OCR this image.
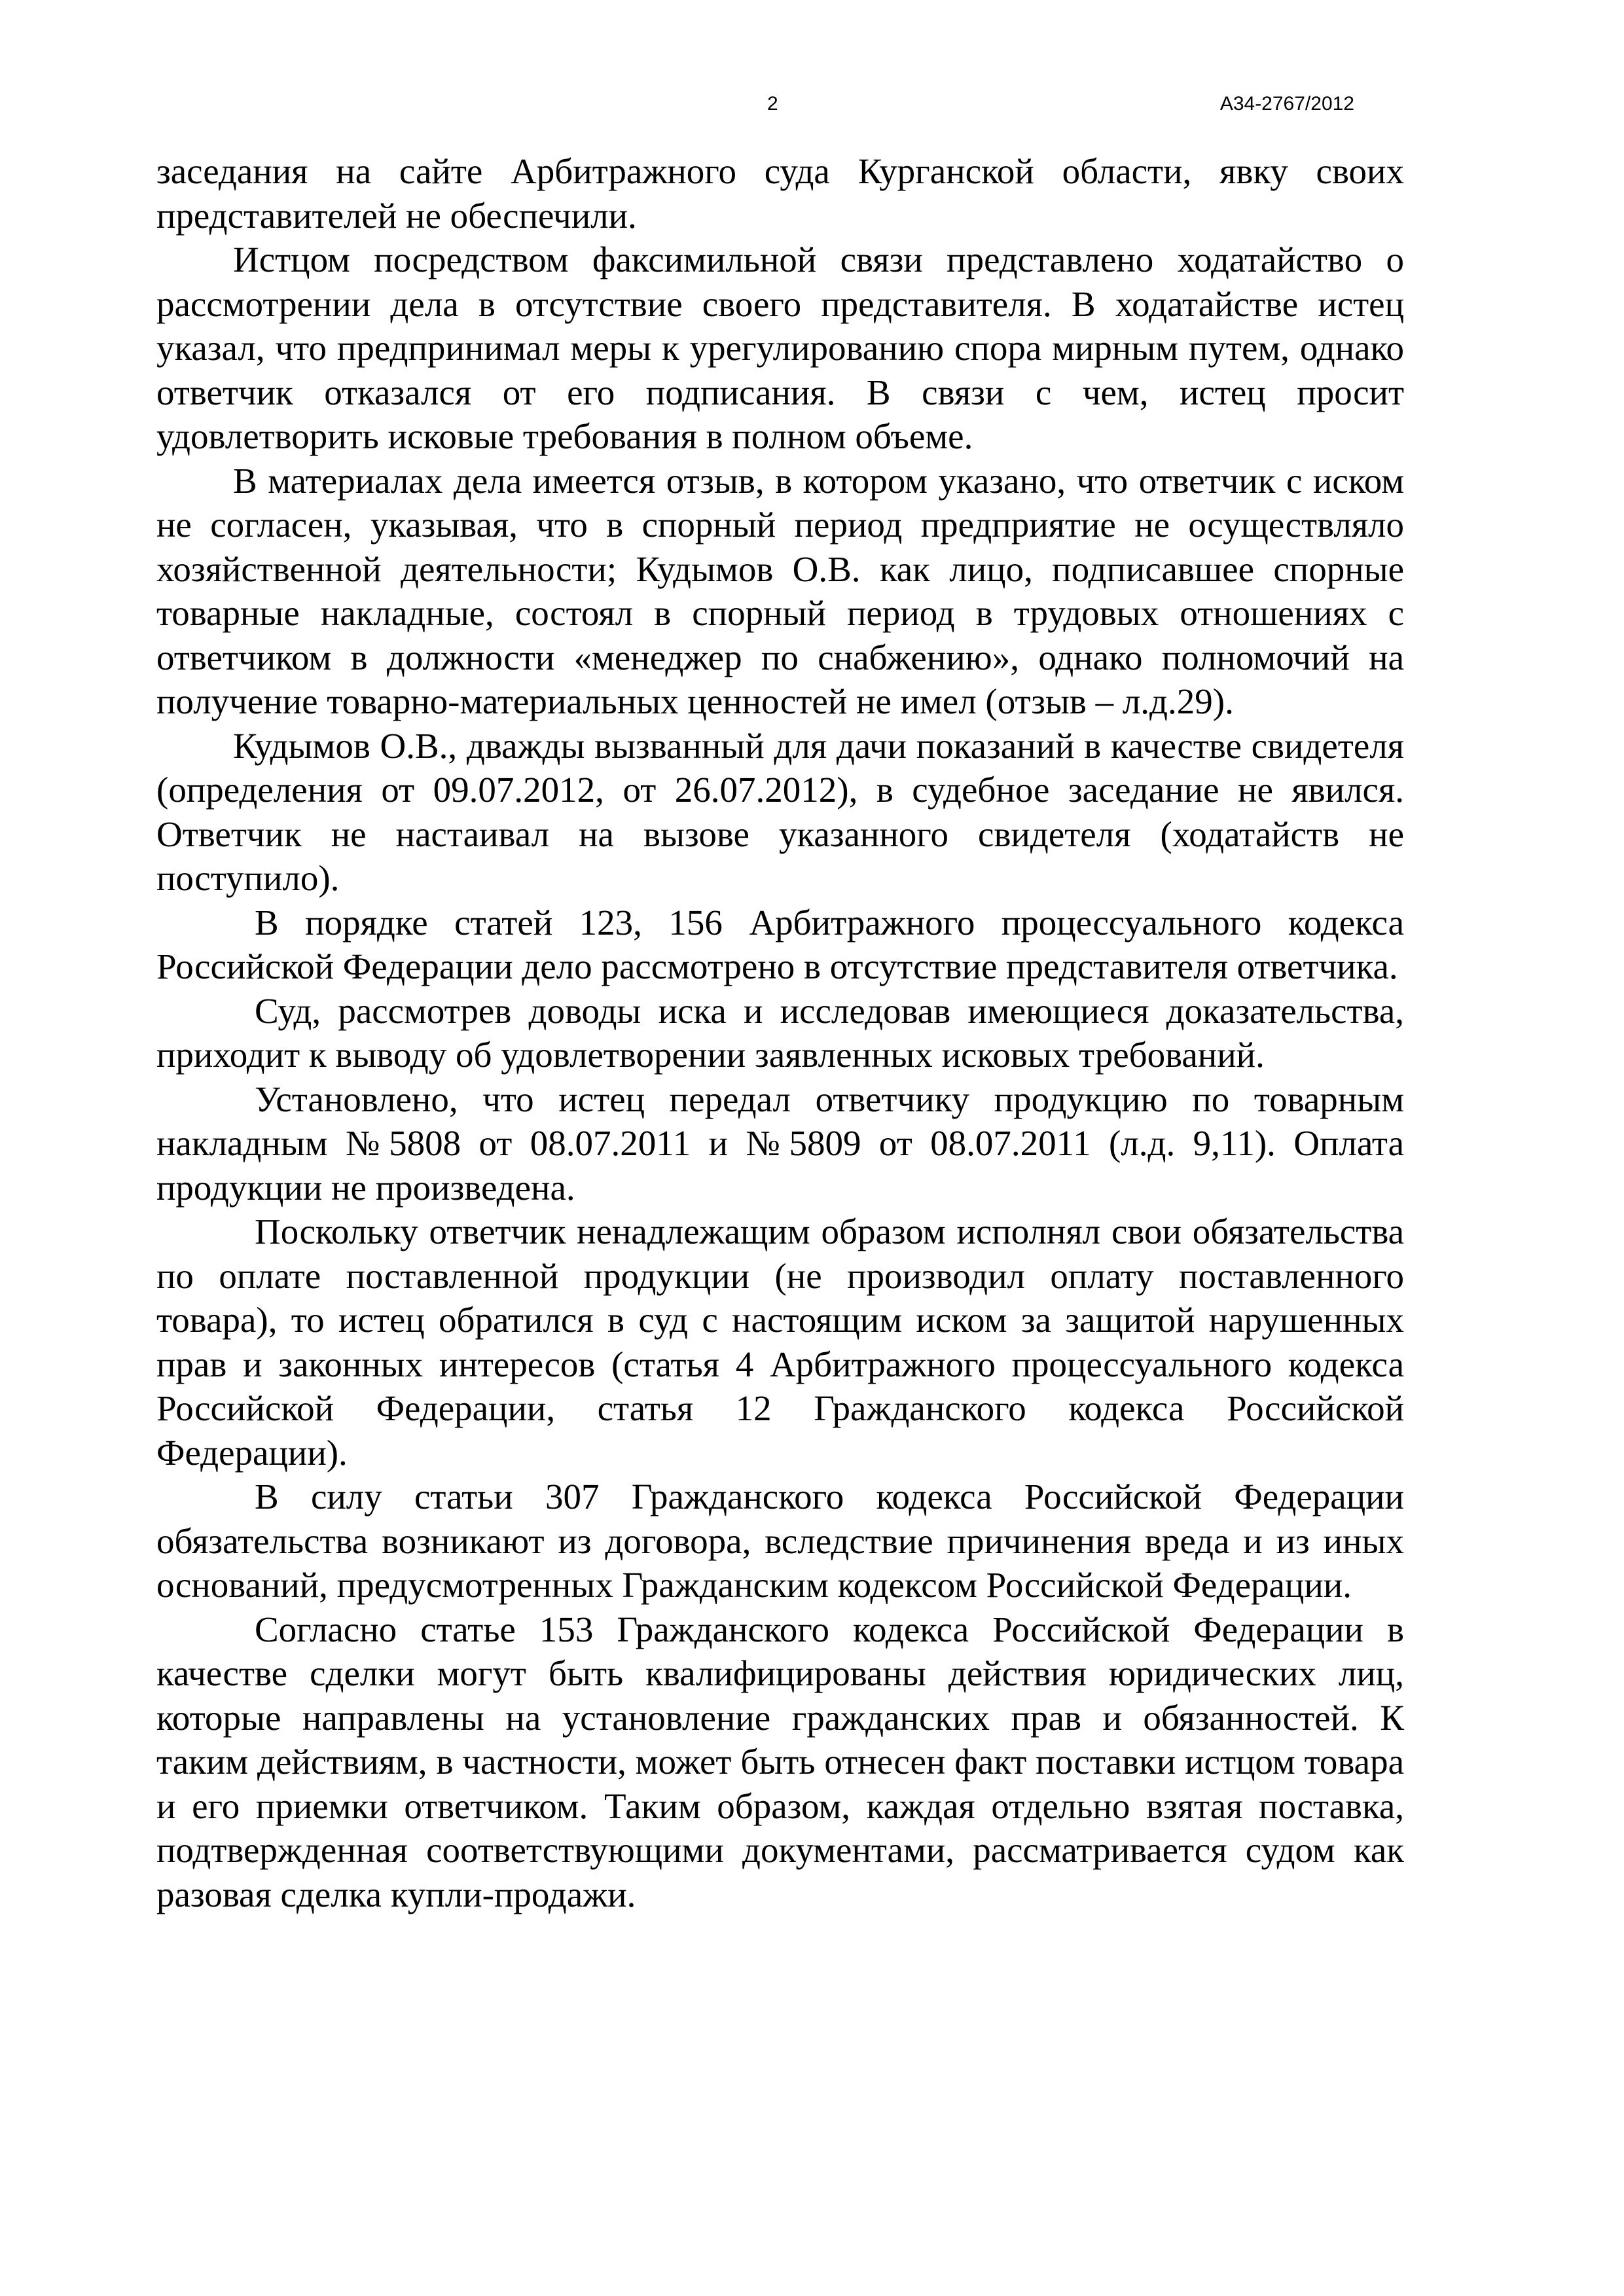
2	А34-2767/2012

заседания на сайте Арбитражного суда Курганской области, явку своих представителей не обеспечили.

Истцом посредством факсимильной связи представлено ходатайство о рассмотрении дела в отсутствие своего представителя. В ходатайстве истец указал, что предпринимал меры к урегулированию спора мирным путем, однако ответчик отказался от его подписания. В связи с чем, истец просит удовлетворить исковые требования в полном объеме.

В материалах дела имеется отзыв, в котором указано, что ответчик с иском не согласен, указывая, что в спорный период предприятие не осуществляло хозяйственной деятельности; Кудымов О.В. как лицо, подписавшее спорные товарные накладные, состоял в спорный период в трудовых отношениях с ответчиком в должности «менеджер по снабжению», однако полномочий на получение товарно-материальных ценностей не имел (отзыв – л.д.29).

Кудымов О.В., дважды вызванный для дачи показаний в качестве свидетеля (определения от 09.07.2012, от 26.07.2012), в судебное заседание не явился. Ответчик не настаивал на вызове указанного свидетеля (ходатайств не поступило).

В порядке статей 123, 156 Арбитражного процессуального кодекса Российской Федерации дело рассмотрено в отсутствие представителя ответчика.

Суд, рассмотрев доводы иска и исследовав имеющиеся доказательства, приходит к выводу об удовлетворении заявленных исковых требований.

Установлено, что истец передал ответчику продукцию по товарным накладным №5808 от 08.07.2011 и №5809 от 08.07.2011 (л.д. 9,11). Оплата продукции не произведена.

Поскольку ответчик ненадлежащим образом исполнял свои обязательства по оплате поставленной продукции (не производил оплату поставленного товара), то истец обратился в суд с настоящим иском за защитой нарушенных прав и законных интересов (статья 4 Арбитражного процессуального кодекса Российской Федерации, статья 12 Гражданского кодекса Российской Федерации).

В силу статьи 307 Гражданского кодекса Российской Федерации обязательства возникают из договора, вследствие причинения вреда и из иных оснований, предусмотренных Гражданским кодексом Российской Федерации.

Согласно статье 153 Гражданского кодекса Российской Федерации в качестве сделки могут быть квалифицированы действия юридических лиц, которые направлены на установление гражданских прав и обязанностей. К таким действиям, в частности, может быть отнесен факт поставки истцом товара и его приемки ответчиком. Таким образом, каждая отдельно взятая поставка, подтвержденная соответствующими документами, рассматривается судом как разовая сделка купли-продажи.
